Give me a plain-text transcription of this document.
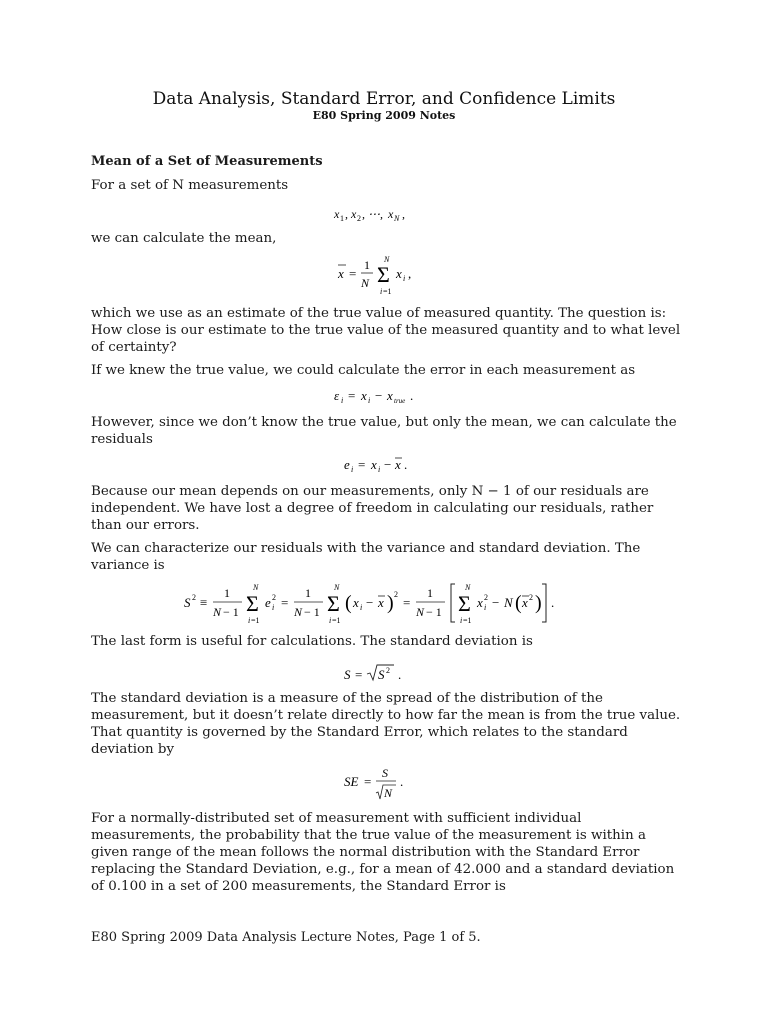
Data Analysis, Standard Error, and Confidence Limits
E80 Spring 2009 Notes
Mean of a Set of Measurements

For a set of N measurements

x 1 , x 2 , ⋯, x N ,

we can calculate the mean,

x =
1
N
N
Σ
i =1
x i ,

which we use as an estimate of the true value of measured quantity. The question is: How close is our estimate to the true value of the measured quantity and to what level of certainty?

If we knew the true value, we could calculate the error in each measurement as

ε i = x i − x true .

However, since we don’t know the true value, but only the mean, we can calculate the residuals

e i = x i − x .

Because our mean depends on our measurements, only N − 1 of our residuals are independent. We have lost a degree of freedom in calculating our residuals, rather than our errors.

We can characterize our residuals with the variance and standard deviation. The variance is

S 2 ≡
1
N − 1
N
Σ
i =1
e 2
i =
1
N − 1
N
Σ
i =1
( x i − x ) 2
=
1
N − 1
N
Σ
i =1
x 2
i − N ( x 2 ) .

The last form is useful for calculations. The standard deviation is

S = S 2 .

The standard deviation is a measure of the spread of the distribution of the measurement, but it doesn’t relate directly to how far the mean is from the true value. That quantity is governed by the Standard Error, which relates to the standard deviation by

SE =
S
N
.

For a normally-distributed set of measurement with sufficient individual measurements, the probability that the true value of the measurement is within a given range of the mean follows the normal distribution with the Standard Error replacing the Standard Deviation, e.g., for a mean of 42.000 and a standard deviation of 0.100 in a set of 200 measurements, the Standard Error is

E80 Spring 2009 Data Analysis Lecture Notes, Page 1 of 5.
